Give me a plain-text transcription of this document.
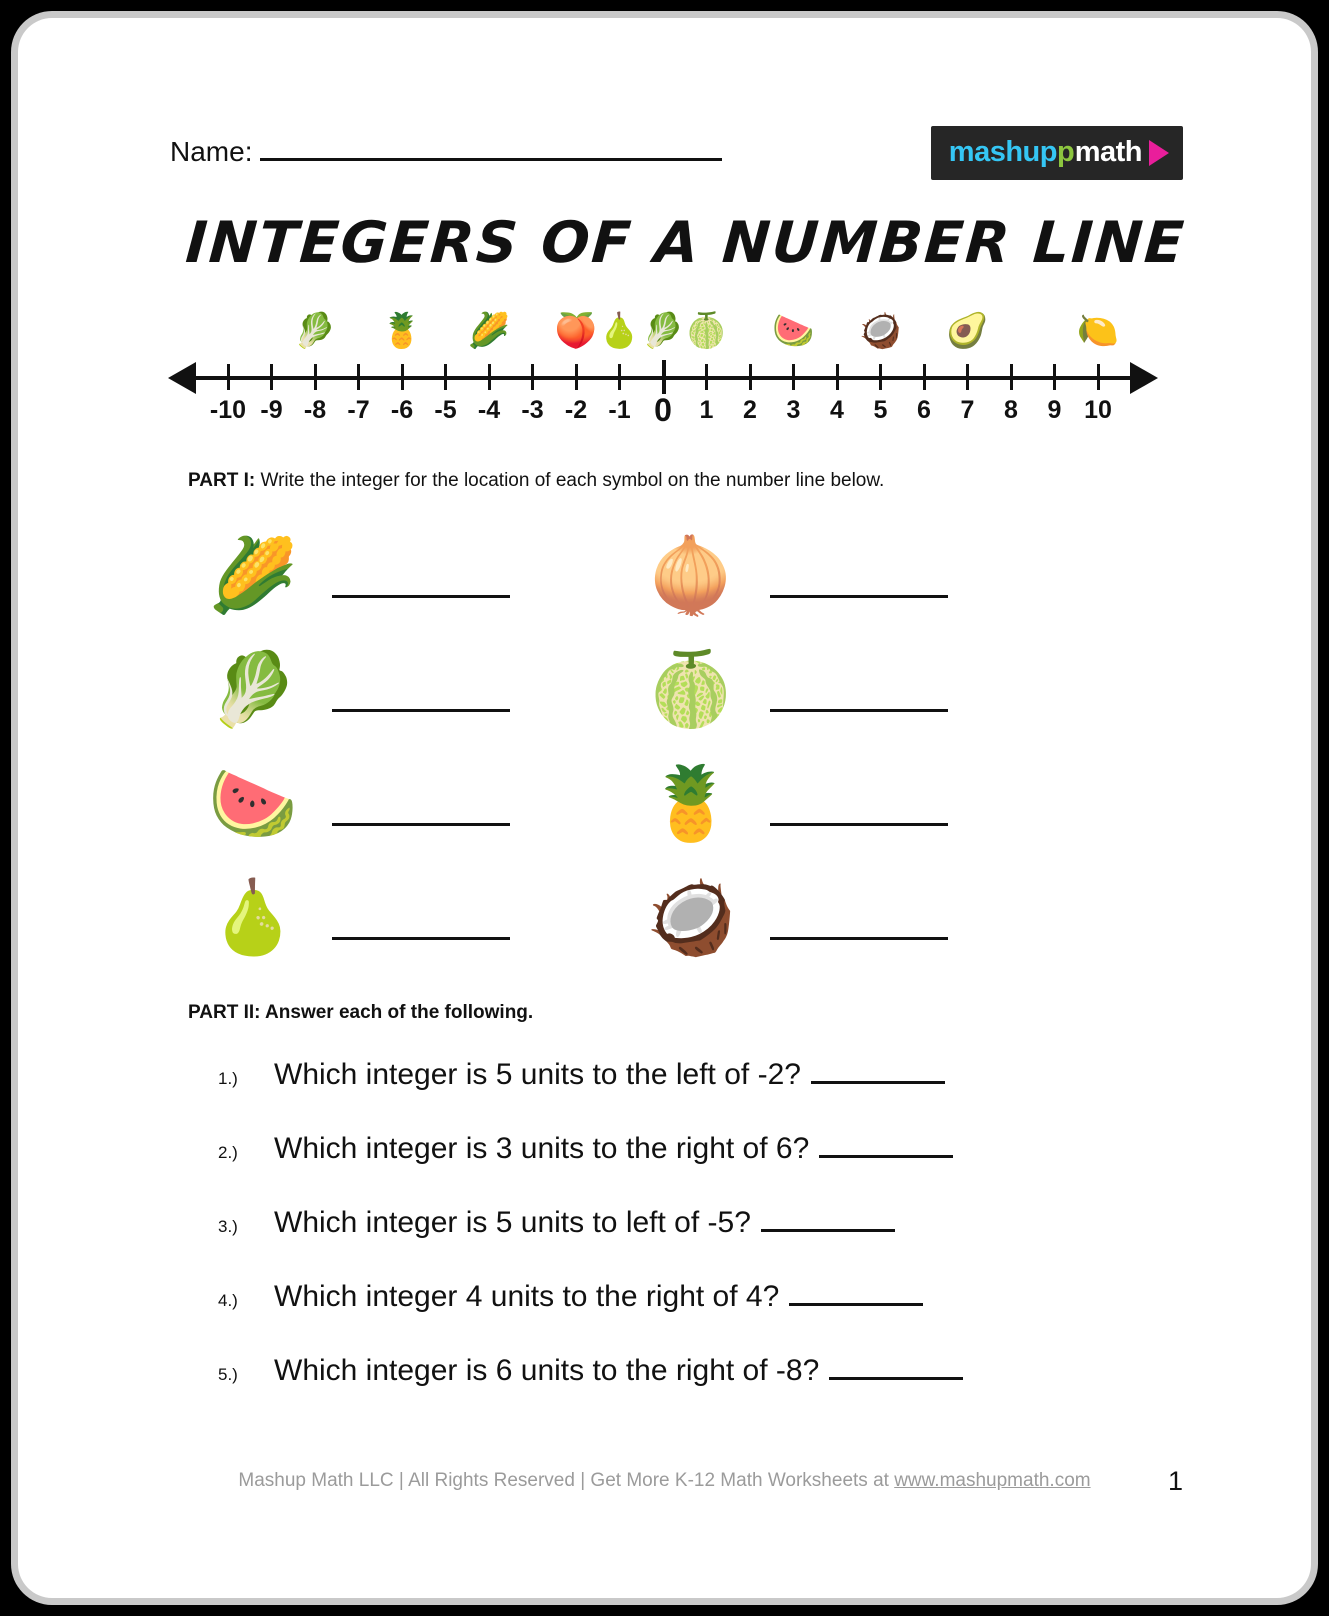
Name:	mashup p math
INTEGERS OF A NUMBER LINE
-10 -9 -8 -7 -6 -5 -4 -3 -2 -1 0 1 2 3 4 5 6 7 8 9 10
🥬 🍍 🌽 🍑 🍐 🥬 🍈 🍉 🥥 🥑	🍋
PART I: Write the integer for the location of each symbol on the number line below.
🌽
🥬
🍉
🍐
🧅
🍈
🍍
🥥
PART II: Answer each of the following.
1.)	Which integer is 5 units to the left of -2?
2.)	Which integer is 3 units to the right of 6?
3.)	Which integer is 5 units to left of -5?
4.)	Which integer 4 units to the right of 4?
5.)	Which integer is 6 units to the right of -8?
Mashup Math LLC | All Rights Reserved | Get More K-12 Math Worksheets at www.mashupmath.com	1
